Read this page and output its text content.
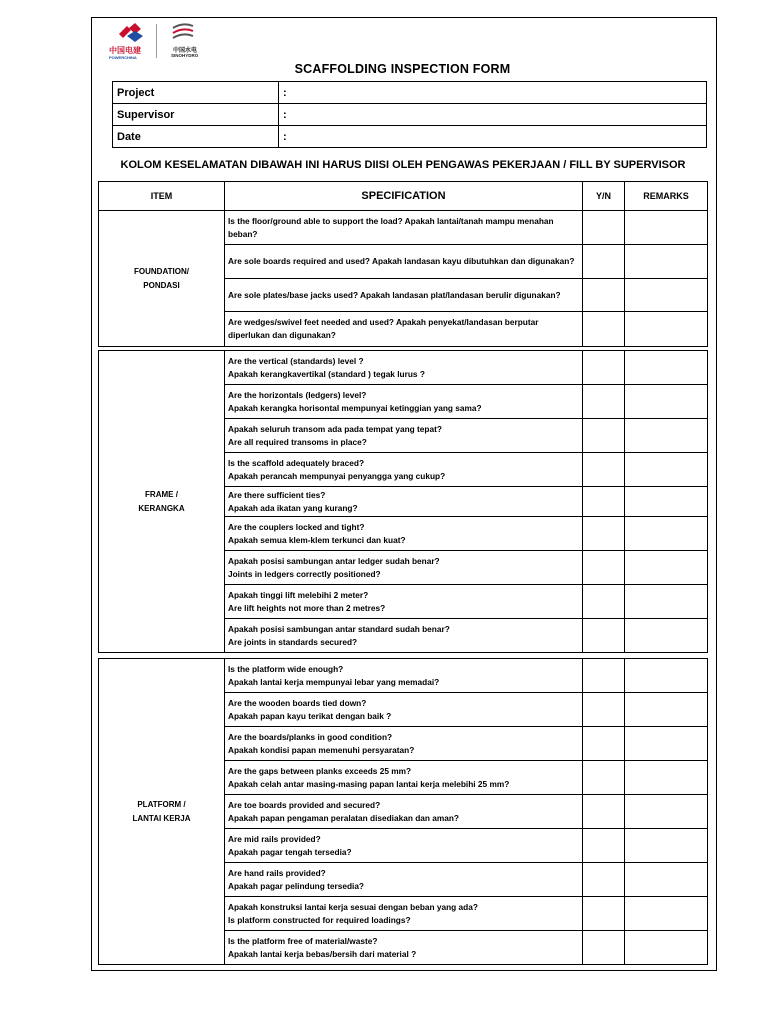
中国电建
POWERCHINA
中国水电
SINOHYDRO
SCAFFOLDING INSPECTION FORM
Project	:
Supervisor	:
Date	:
KOLOM KESELAMATAN DIBAWAH INI HARUS DIISI OLEH PENGAWAS PEKERJAAN / FILL BY SUPERVISOR
ITEM	SPECIFICATION	Y/N	REMARKS
FOUNDATION/
PONDASI	Is the floor/ground able to support the load? Apakah lantai/tanah mampu menahan beban?		
	Are sole boards required and used? Apakah landasan kayu dibutuhkan dan digunakan?		
	Are sole plates/base jacks used? Apakah landasan plat/landasan berulir digunakan?		
	Are wedges/swivel feet needed and used? Apakah penyekat/landasan berputar diperlukan dan digunakan?		
FRAME /
KERANGKA	Are the vertical (standards) level ?
Apakah kerangkavertikal (standard ) tegak lurus ?		
	Are the horizontals (ledgers) level?
Apakah kerangka horisontal mempunyai ketinggian yang sama?		
	Apakah seluruh transom ada pada tempat yang tepat?
Are all required transoms in place?		
	Is the scaffold adequately braced?
Apakah perancah mempunyai penyangga yang cukup?		
	Are there sufficient ties?
Apakah ada ikatan yang kurang?		
	Are the couplers locked and tight?
Apakah semua klem-klem terkunci dan kuat?		
	Apakah posisi sambungan antar ledger sudah benar?
Joints in ledgers correctly positioned?		
	Apakah tinggi lift melebihi 2 meter?
Are lift heights not more than 2 metres?		
	Apakah posisi sambungan antar standard sudah benar?
Are joints in standards secured?		
PLATFORM /
LANTAI KERJA	Is the platform wide enough?
Apakah lantai kerja mempunyai lebar yang memadai?		
	Are the wooden boards tied down?
Apakah papan kayu terikat dengan baik ?		
	Are the boards/planks in good condition?
Apakah kondisi papan memenuhi persyaratan?		
	Are the gaps between planks exceeds 25 mm?
Apakah celah antar masing-masing papan lantai kerja melebihi 25 mm?		
	Are toe boards provided and secured?
Apakah papan pengaman peralatan disediakan dan aman?		
	Are mid rails provided?
Apakah pagar tengah tersedia?		
	Are hand rails provided?
Apakah pagar pelindung tersedia?		
	Apakah konstruksi lantai kerja sesuai dengan beban yang ada?
Is platform constructed for required loadings?		
	Is the platform free of material/waste?
Apakah lantai kerja bebas/bersih dari material ?		
